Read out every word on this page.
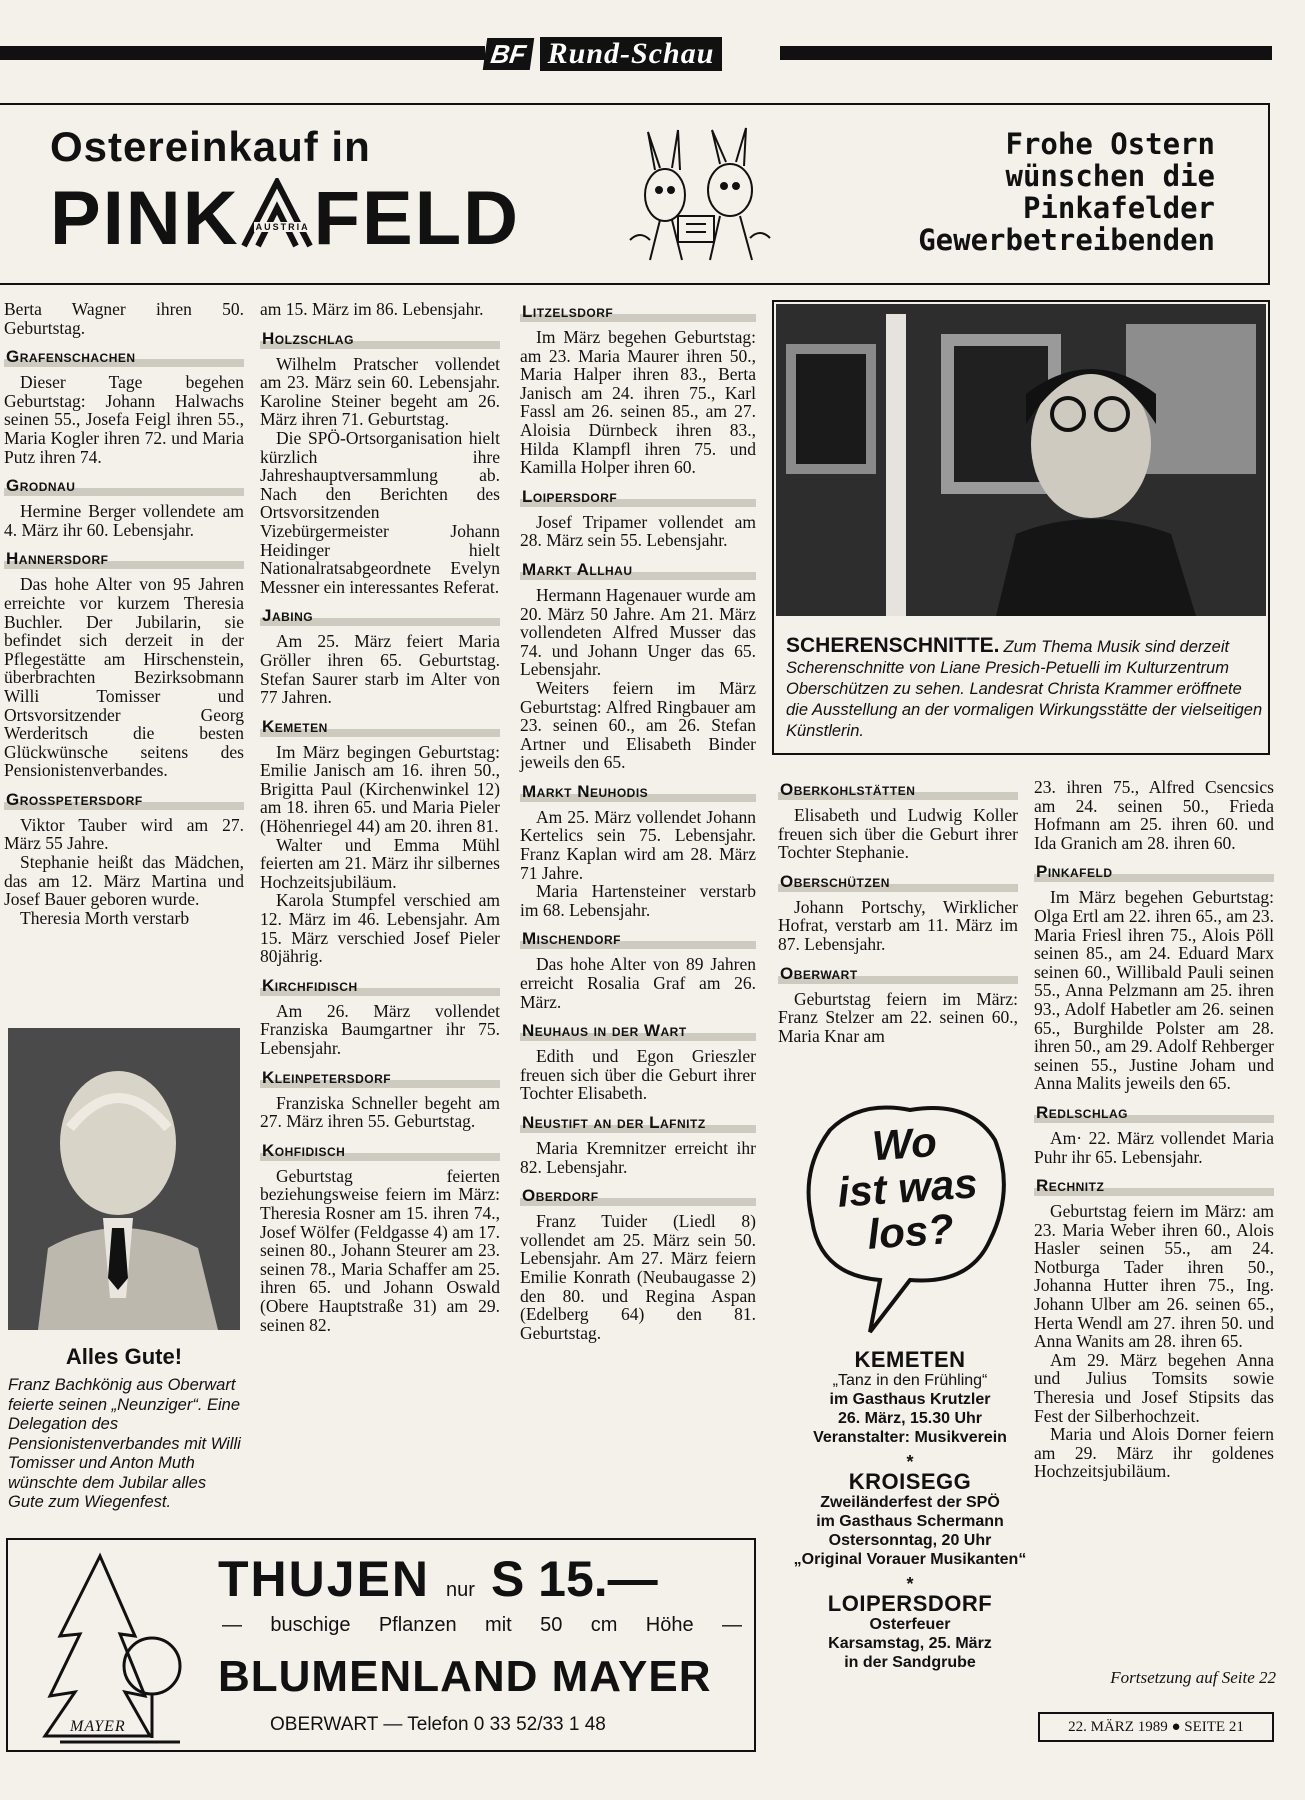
BF Rund-Schau
Ostereinkauf in
PINK AUSTRIA FELD
Frohe Ostern
wünschen die
Pinkafelder
Gewerbetreibenden

Berta Wagner ihren 50. Geburtstag.

Grafenschachen

Dieser Tage begehen Geburtstag: Johann Halwachs seinen 55., Josefa Feigl ihren 55., Maria Kogler ihren 72. und Maria Putz ihren 74.

Grodnau

Hermine Berger vollendete am 4. März ihr 60. Lebensjahr.

Hannersdorf

Das hohe Alter von 95 Jahren erreichte vor kurzem Theresia Buchler. Der Jubilarin, sie befindet sich derzeit in der Pflegestätte am Hirschenstein, überbrachten Bezirksobmann Willi Tomisser und Ortsvorsitzender Georg Werderitsch die besten Glückwünsche seitens des Pensionistenverbandes.

Grosspetersdorf

Viktor Tauber wird am 27. März 55 Jahre.

Stephanie heißt das Mädchen, das am 12. März Martina und Josef Bauer geboren wurde.

Theresia Morth verstarb

Alles Gute!
Franz Bachkönig aus Oberwart feierte seinen „Neunziger“. Eine Delegation des Pensionistenverbandes mit Willi Tomisser und Anton Muth wünschte dem Jubilar alles Gute zum Wiegenfest.

am 15. März im 86. Lebensjahr.

Holzschlag

Wilhelm Pratscher vollendet am 23. März sein 60. Lebensjahr. Karoline Steiner begeht am 26. März ihren 71. Geburtstag.

Die SPÖ-Ortsorganisation hielt kürzlich ihre Jahreshauptversammlung ab. Nach den Berichten des Ortsvorsitzenden Vizebürgermeister Johann Heidinger hielt Nationalratsabgeordnete Evelyn Messner ein interessantes Referat.

Jabing

Am 25. März feiert Maria Gröller ihren 65. Geburtstag. Stefan Saurer starb im Alter von 77 Jahren.

Kemeten

Im März begingen Geburtstag: Emilie Janisch am 16. ihren 50., Brigitta Paul (Kirchenwinkel 12) am 18. ihren 65. und Maria Pieler (Höhenriegel 44) am 20. ihren 81.

Walter und Emma Mühl feierten am 21. März ihr silbernes Hochzeitsjubiläum.

Karola Stumpfel verschied am 12. März im 46. Lebensjahr. Am 15. März verschied Josef Pieler 80jährig.

Kirchfidisch

Am 26. März vollendet Franziska Baumgartner ihr 75. Lebensjahr.

Kleinpetersdorf

Franziska Schneller begeht am 27. März ihren 55. Geburtstag.

Kohfidisch

Geburtstag feierten beziehungsweise feiern im März: Theresia Rosner am 15. ihren 74., Josef Wölfer (Feldgasse 4) am 17. seinen 80., Johann Steurer am 23. seinen 78., Maria Schaffer am 25. ihren 65. und Johann Oswald (Obere Hauptstraße 31) am 29. seinen 82.

Litzelsdorf

Im März begehen Geburtstag: am 23. Maria Maurer ihren 50., Maria Halper ihren 83., Berta Janisch am 24. ihren 75., Karl Fassl am 26. seinen 85., am 27. Aloisia Dürnbeck ihren 83., Hilda Klampfl ihren 75. und Kamilla Holper ihren 60.

Loipersdorf

Josef Tripamer vollendet am 28. März sein 55. Lebensjahr.

Markt Allhau

Hermann Hagenauer wurde am 20. März 50 Jahre. Am 21. März vollendeten Alfred Musser das 74. und Johann Unger das 65. Lebensjahr.

Weiters feiern im März Geburtstag: Alfred Ringbauer am 23. seinen 60., am 26. Stefan Artner und Elisabeth Binder jeweils den 65.

Markt Neuhodis

Am 25. März vollendet Johann Kertelics sein 75. Lebensjahr. Franz Kaplan wird am 28. März 71 Jahre.

Maria Hartensteiner verstarb im 68. Lebensjahr.

Mischendorf

Das hohe Alter von 89 Jahren erreicht Rosalia Graf am 26. März.

Neuhaus in der Wart

Edith und Egon Grieszler freuen sich über die Geburt ihrer Tochter Elisabeth.

Neustift an der Lafnitz

Maria Kremnitzer erreicht ihr 82. Lebensjahr.

Oberdorf

Franz Tuider (Liedl 8) vollendet am 25. März sein 50. Lebensjahr. Am 27. März feiern Emilie Konrath (Neubaugasse 2) den 80. und Regina Aspan (Edelberg 64) den 81. Geburtstag.

SCHERENSCHNITTE. Zum Thema Musik sind derzeit Scherenschnitte von Liane Presich-Petuelli im Kulturzentrum Oberschützen zu sehen. Landesrat Christa Krammer eröffnete die Ausstellung an der vormaligen Wirkungsstätte der vielseitigen Künstlerin.
Oberkohlstätten

Elisabeth und Ludwig Koller freuen sich über die Geburt ihrer Tochter Stephanie.

Oberschützen

Johann Portschy, Wirklicher Hofrat, verstarb am 11. März im 87. Lebensjahr.

Oberwart

Geburtstag feiern im März: Franz Stelzer am 22. seinen 60., Maria Knar am

Wo
ist was
los?
KEMETEN
„Tanz in den Frühling“
im Gasthaus Krutzler
26. März, 15.30 Uhr
Veranstalter: Musikverein
*
KROISEGG
Zweiländerfest der SPÖ
im Gasthaus Schermann
Ostersonntag, 20 Uhr
„Original Vorauer Musikanten“
*
LOIPERSDORF
Osterfeuer
Karsamstag, 25. März
in der Sandgrube

23. ihren 75., Alfred Csencsics am 24. seinen 50., Frieda Hofmann am 25. ihren 60. und Ida Granich am 28. ihren 60.

Pinkafeld

Im März begehen Geburtstag: Olga Ertl am 22. ihren 65., am 23. Maria Friesl ihren 75., Alois Pöll seinen 85., am 24. Eduard Marx seinen 60., Willibald Pauli seinen 55., Anna Pelzmann am 25. ihren 93., Adolf Habetler am 26. seinen 65., Burghilde Polster am 28. ihren 50., am 29. Adolf Rehberger seinen 55., Justine Joham und Anna Malits jeweils den 65.

Redlschlag

Am· 22. März vollendet Maria Puhr ihr 65. Lebensjahr.

Rechnitz

Geburtstag feiern im März: am 23. Maria Weber ihren 60., Alois Hasler seinen 55., am 24. Notburga Tader ihren 50., Johanna Hutter ihren 75., Ing. Johann Ulber am 26. seinen 65., Herta Wendl am 27. ihren 50. und Anna Wanits am 28. ihren 65.

Am 29. März begehen Anna und Julius Tomsits sowie Theresia und Josef Stipsits das Fest der Silberhochzeit.

Maria und Alois Dorner feiern am 29. März ihr goldenes Hochzeitsjubiläum.

Fortsetzung auf Seite 22
22. MÄRZ 1989 ● SEITE 21
MAYER
THUJEN nur S 15.—
— buschige Pflanzen mit 50 cm Höhe —
BLUMENLAND MAYER
OBERWART — Telefon 0 33 52/33 1 48
